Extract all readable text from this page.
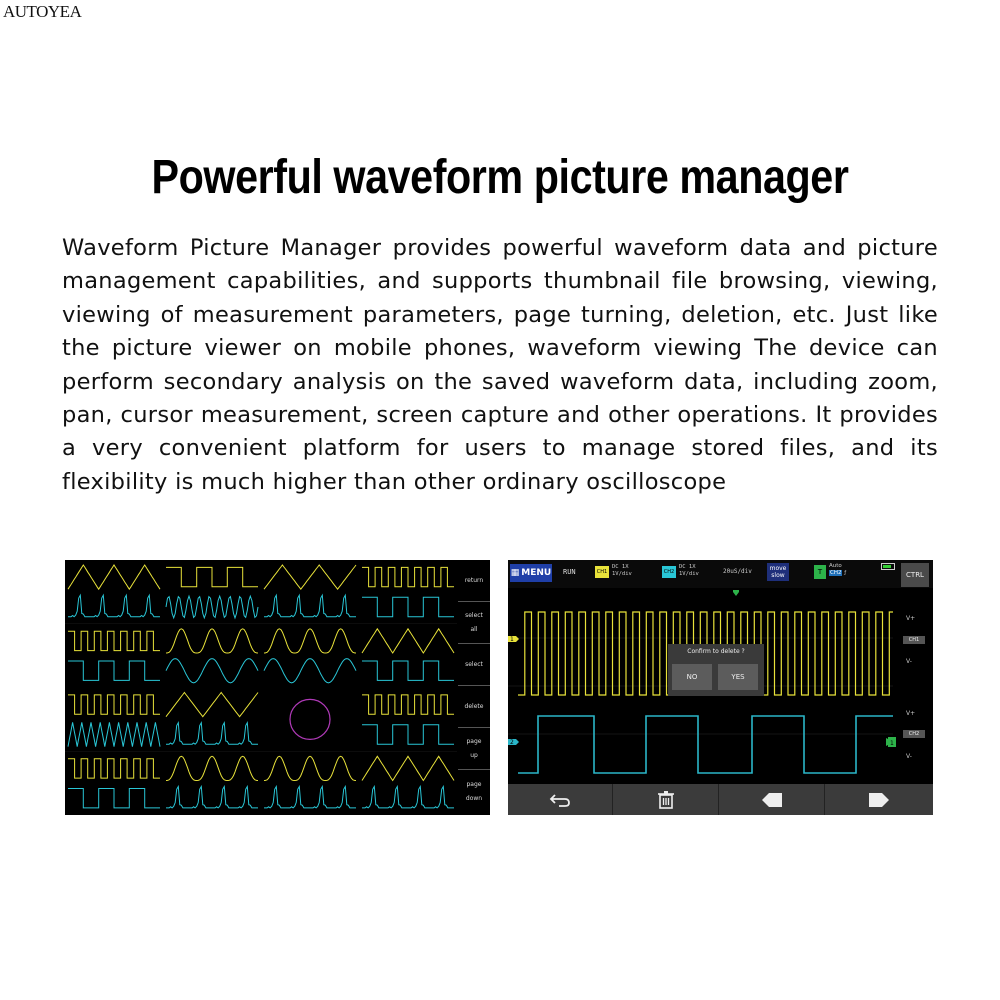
AUTOYEA
Powerful waveform picture manager
Waveform Picture Manager provides powerful waveform data and picture management capabilities, and supports thumbnail file browsing, viewing, viewing of measurement parameters, page turning, deletion, etc. Just like the picture viewer on mobile phones, waveform viewing The device can perform secondary analysis on the saved waveform data, including zoom, pan, cursor measurement, screen capture and other operations. It provides a very convenient platform for users to manage stored files, and its flexibility is much higher than other ordinary oscilloscope
return
select

all
select
delete
page

up
page

down
▦ MENU RUN	CH1
DC 1X
1V/div	CH2
DC 1X
1V/div	20uS/div	move
slow	T
Auto
CH2 ƒ	CTRL
1
2	1
V+
CH1
V-
V+
CH2
V-
Confirm to delete ?
NO	YES
